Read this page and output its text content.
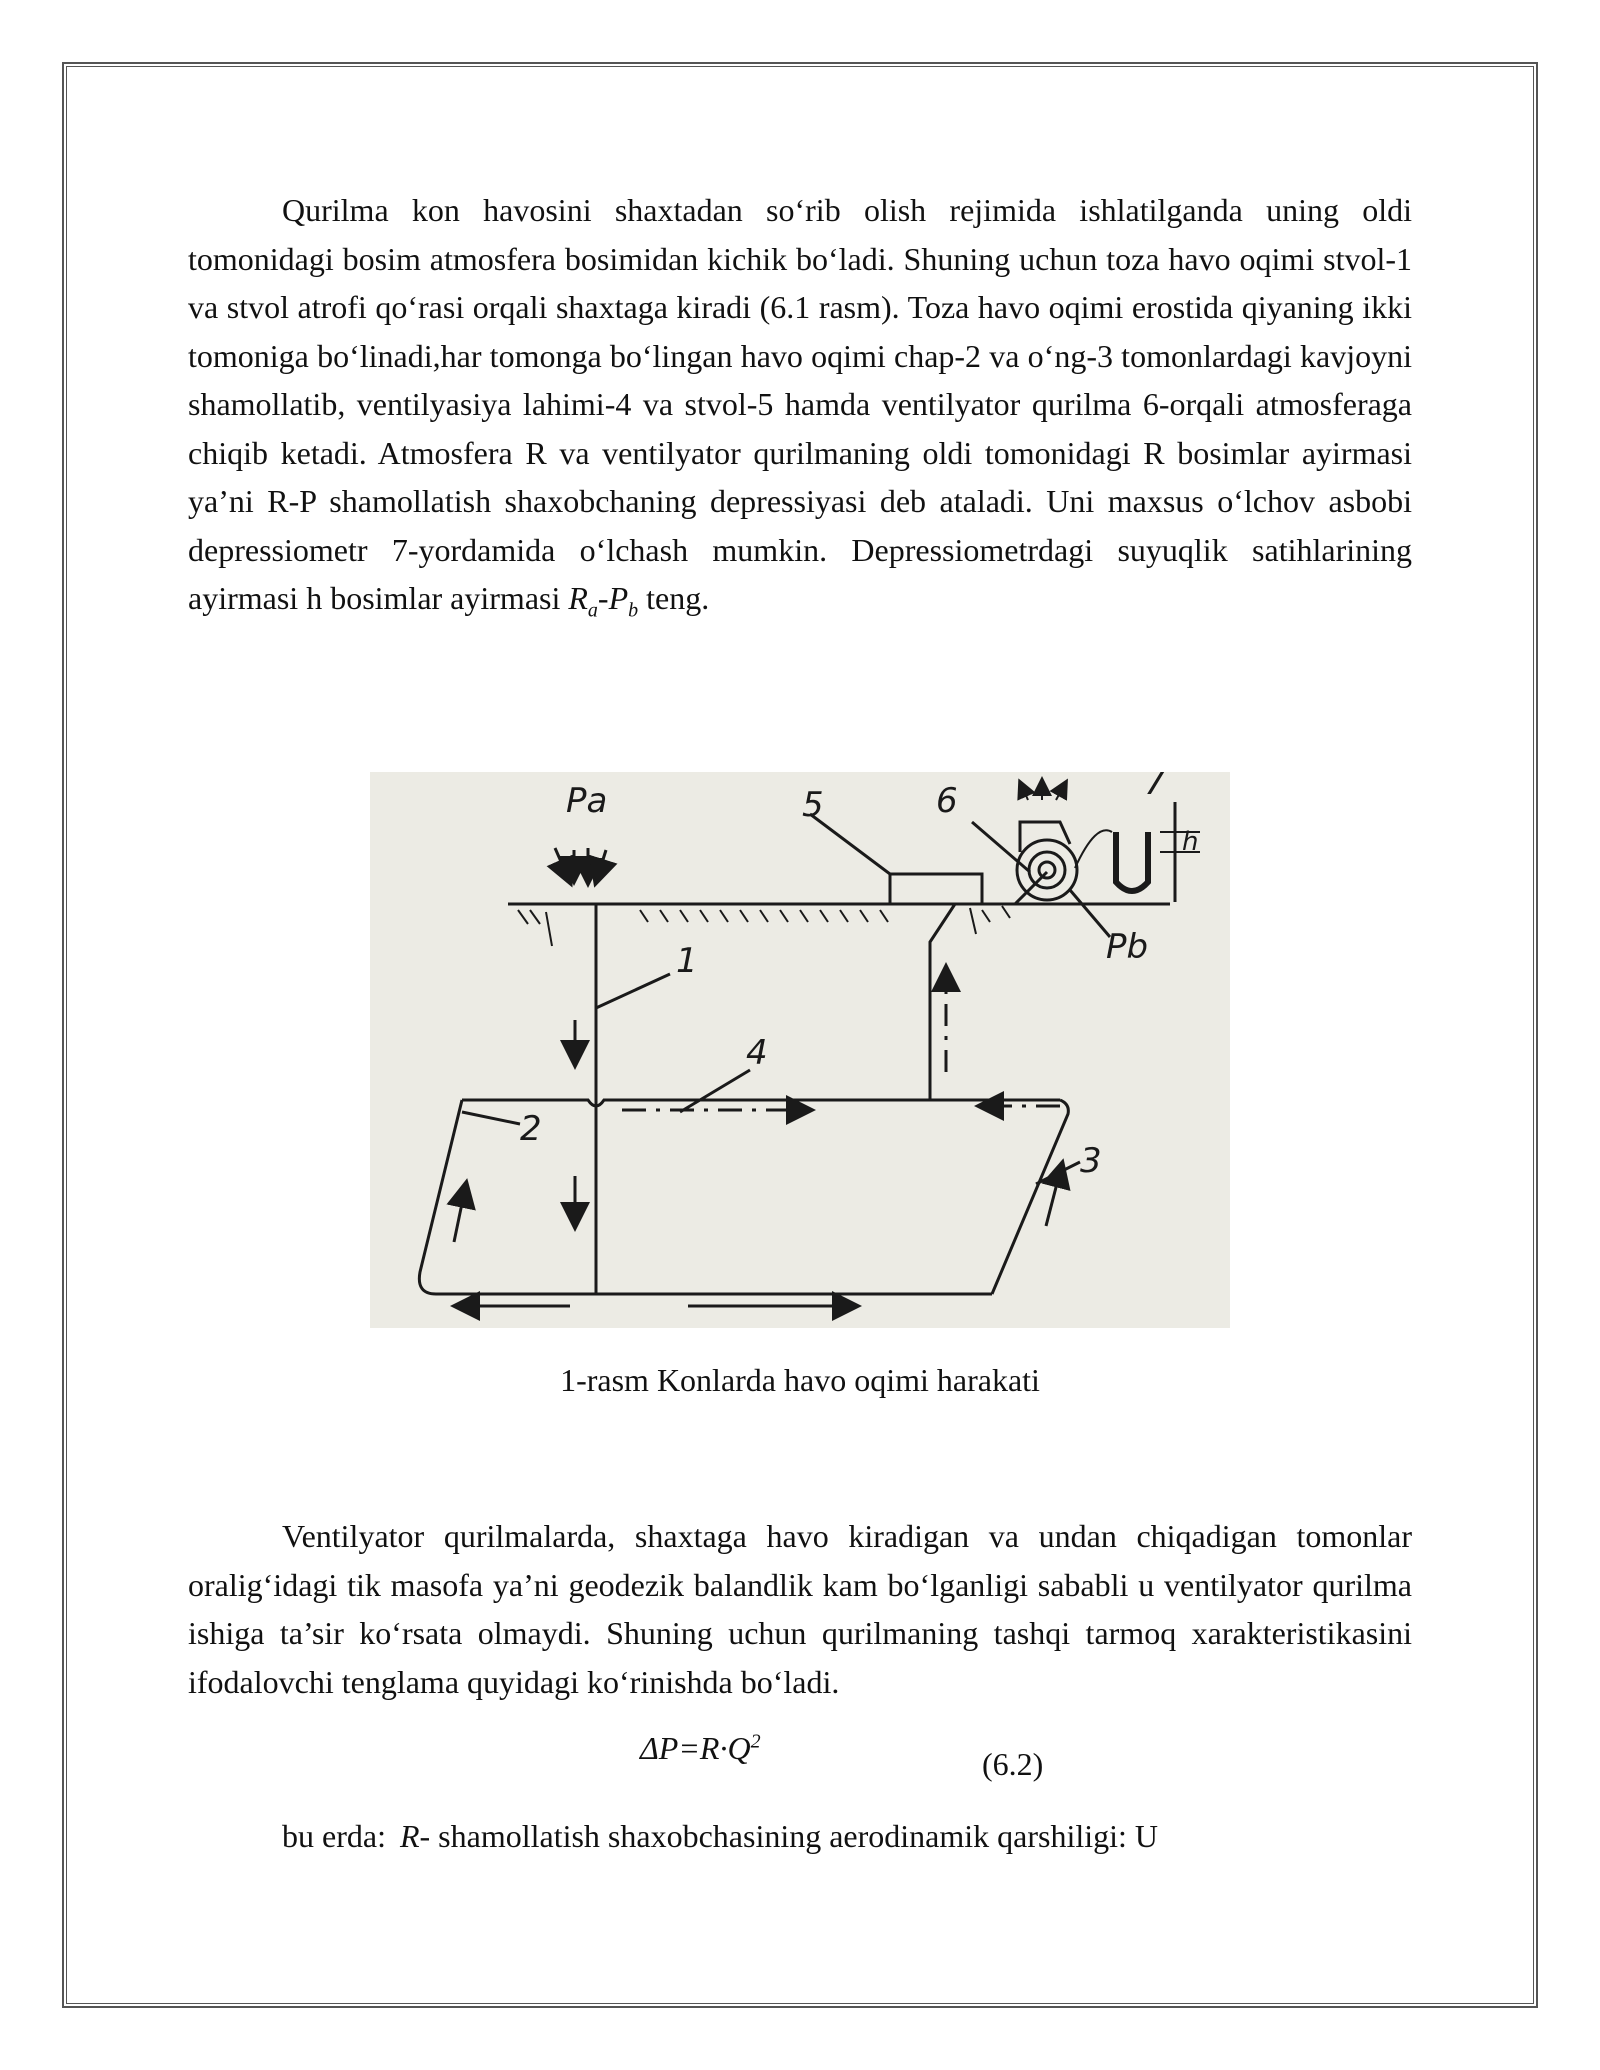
Qurilma kon havosini shaxtadan so‘rib olish rejimida ishlatilganda uning oldi tomonidagi bosim atmosfera bosimidan kichik bo‘ladi. Shuning uchun toza havo oqimi stvol-1 va stvol atrofi qo‘rasi orqali shaxtaga kiradi (6.1 rasm). Toza havo oqimi erostida qiyaning ikki tomoniga bo‘linadi,har tomonga bo‘lingan havo oqimi chap-2 va o‘ng-3 tomonlardagi kavjoyni shamollatib, ventilyasiya lahimi-4 va stvol-5 hamda ventilyator qurilma 6-orqali atmosferaga chiqib ketadi. Atmosfera R va ventilyator qurilmaning oldi tomonidagi R bosimlar ayirmasi ya’ni R-P shamollatish shaxobchaning depressiyasi deb ataladi. Uni maxsus o‘lchov asbobi depressiometr 7-yordamida o‘lchash mumkin. Depressiometrdagi suyuqlik satihlarining ayirmasi h bosimlar ayirmasi $R_a-P_b$ teng.

Pa
Pb
1
2
3
4
5	6	7
h
1-rasm Konlarda havo oqimi harakati

Ventilyator qurilmalarda, shaxtaga havo kiradigan va undan chiqadigan tomonlar oralig‘idagi tik masofa ya’ni geodezik balandlik kam bo‘lganligi sababli u ventilyator qurilma ishiga ta’sir ko‘rsata olmaydi. Shuning uchun qurilmaning tashqi tarmoq xarakteristikasini ifodalovchi tenglama quyidagi ko‘rinishda bo‘ladi.

$\Delta P=R\cdot Q^2$
(6.2)
bu erda: R- shamollatish shaxobchasining aerodinamik qarshiligi: U
